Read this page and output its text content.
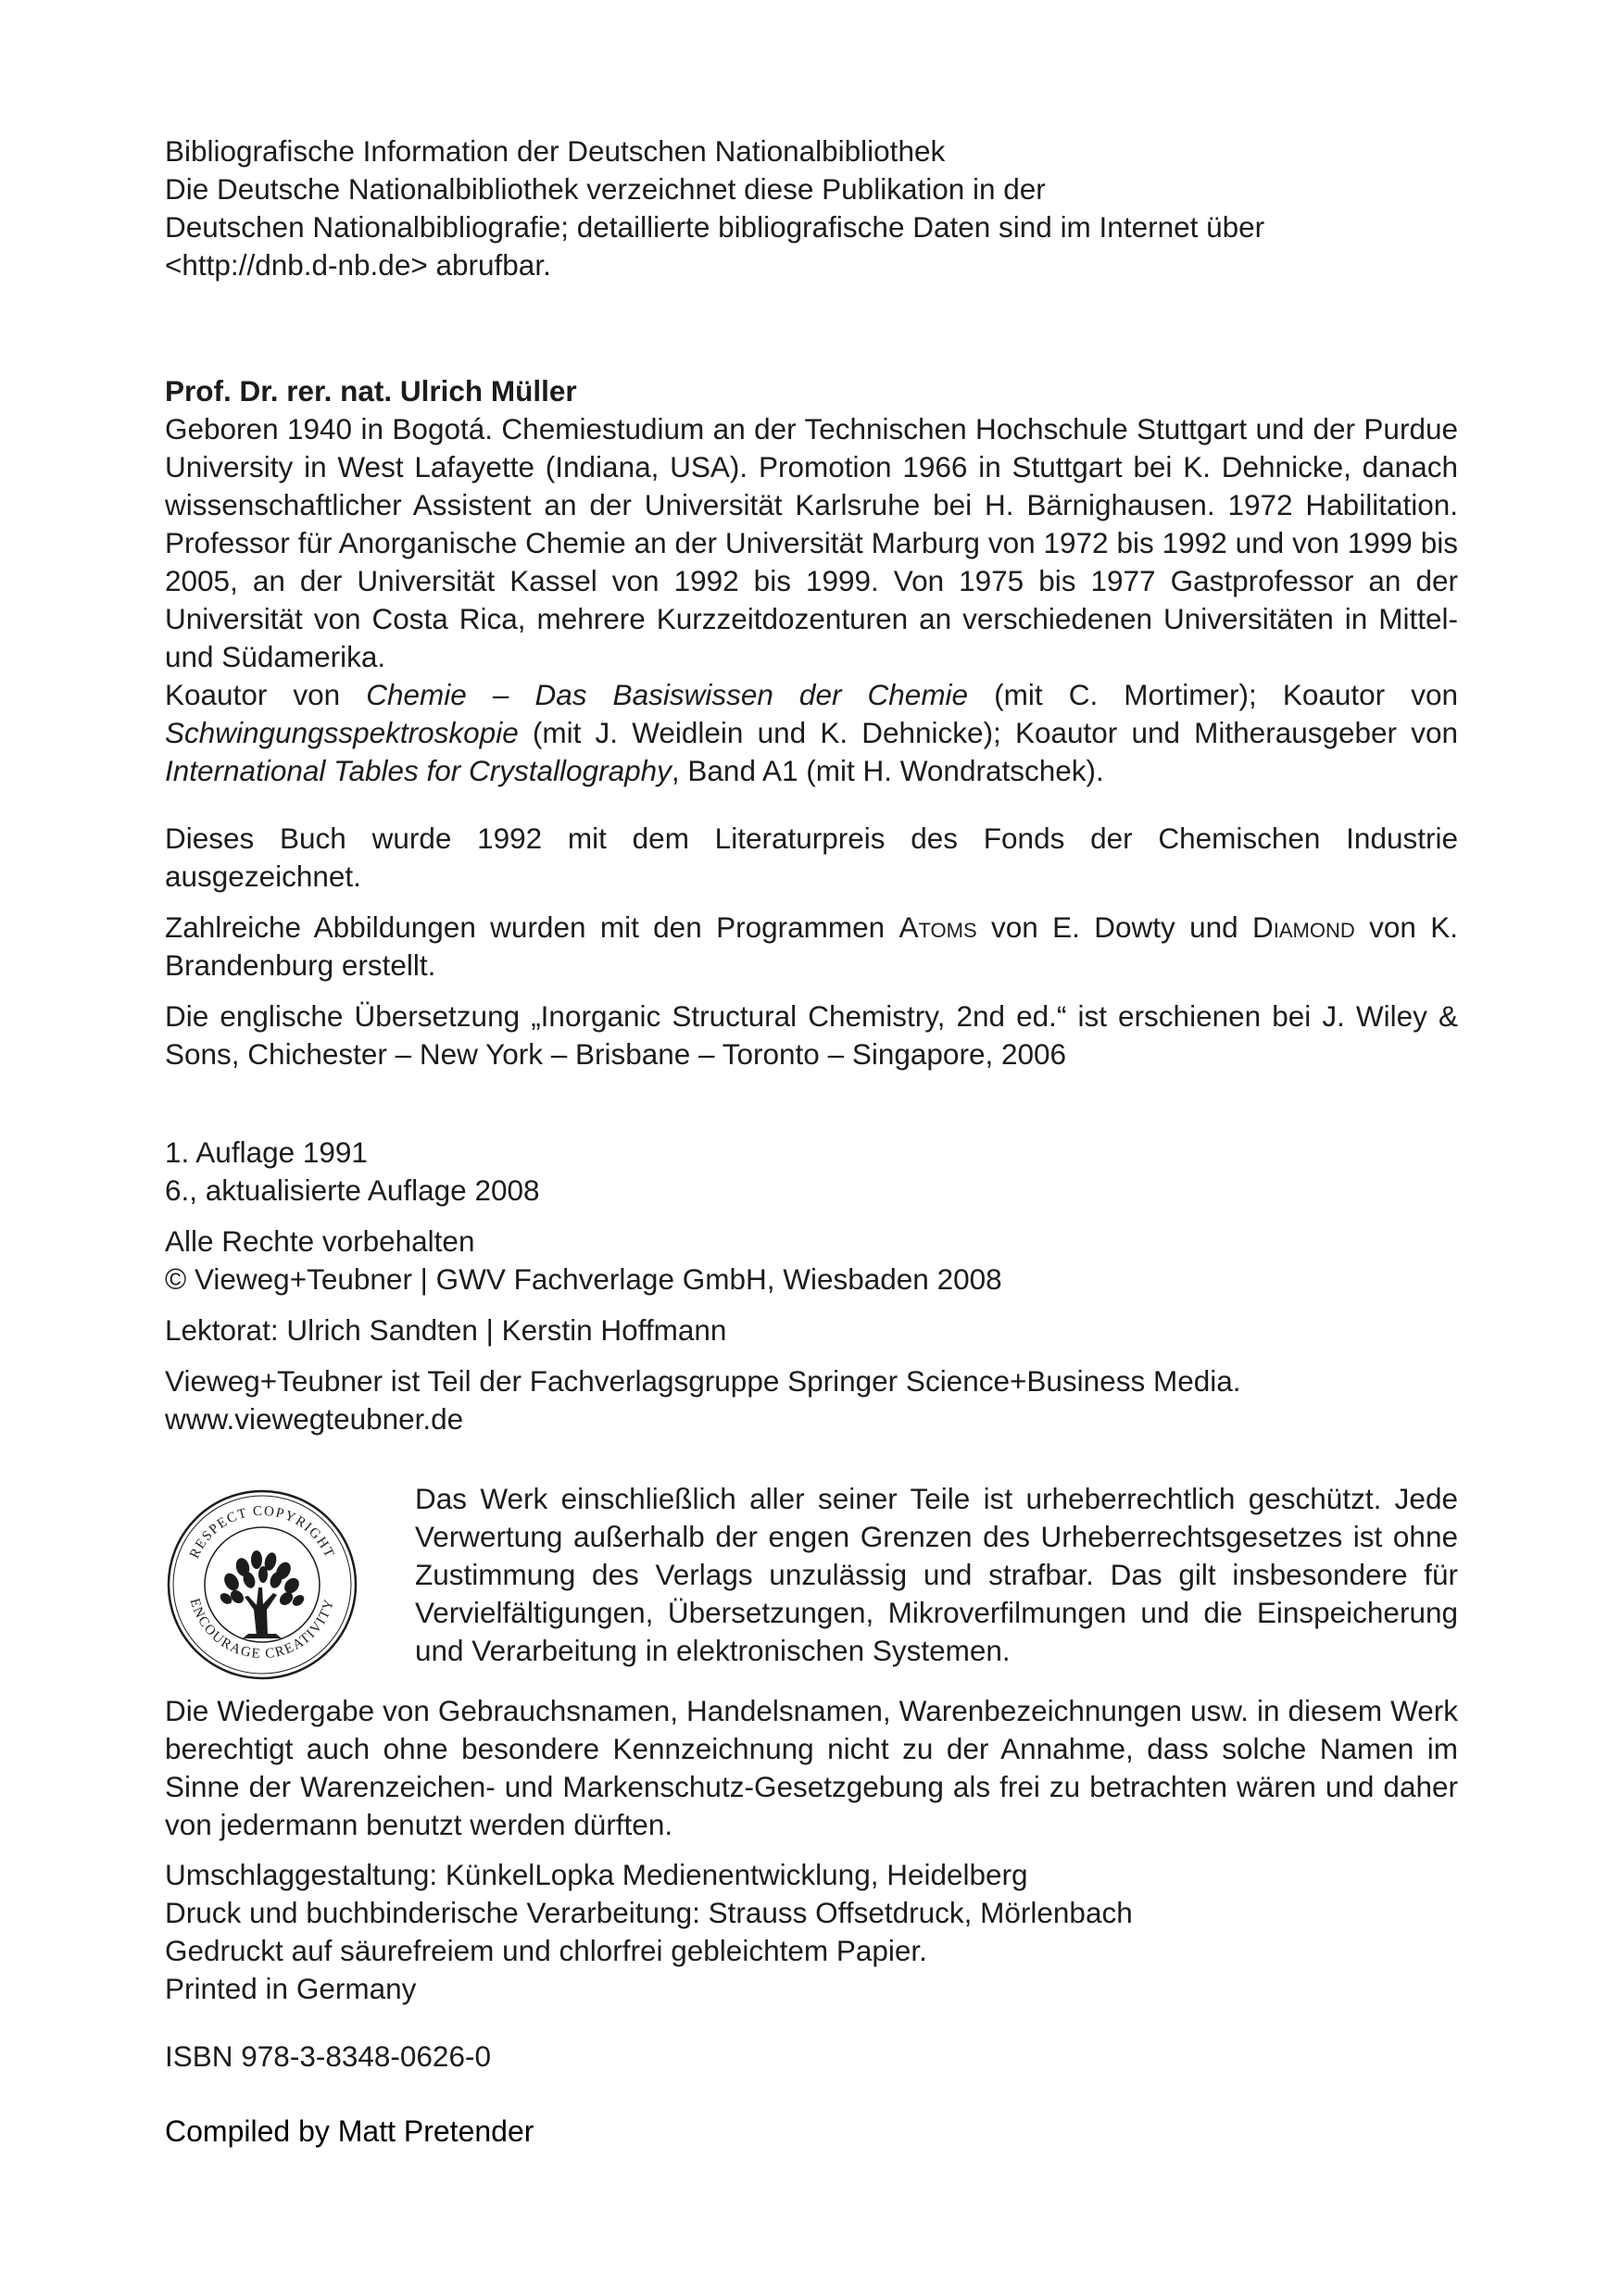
Bibliografische Information der Deutschen Nationalbibliothek

Die Deutsche Nationalbibliothek verzeichnet diese Publikation in der

Deutschen Nationalbibliografie; detaillierte bibliografische Daten sind im Internet über

<http://dnb.d-nb.de> abrufbar.

Prof. Dr. rer. nat. Ulrich Müller

Geboren 1940 in Bogotá. Chemiestudium an der Technischen Hochschule Stuttgart und der Purdue University in West Lafayette (Indiana, USA). Promotion 1966 in Stuttgart bei K. Dehnicke, danach wissenschaftlicher Assistent an der Universität Karlsruhe bei H. Bärnighausen. 1972 Habilitation. Professor für Anorganische Chemie an der Universität Marburg von 1972 bis 1992 und von 1999 bis 2005, an der Universität Kassel von 1992 bis 1999. Von 1975 bis 1977 Gastprofessor an der Universität von Costa Rica, mehrere Kurzzeitdozenturen an verschiedenen Universitäten in Mittel- und Südamerika.

Koautor von Chemie – Das Basiswissen der Chemie (mit C. Mortimer); Koautor von Schwingungsspektroskopie (mit J. Weidlein und K. Dehnicke); Koautor und Mitherausgeber von International Tables for Crystallography, Band A1 (mit H. Wondratschek).

Dieses Buch wurde 1992 mit dem Literaturpreis des Fonds der Chemischen Industrie ausgezeichnet.

Zahlreiche Abbildungen wurden mit den Programmen Atoms von E. Dowty und Diamond von K. Brandenburg erstellt.

Die englische Übersetzung „Inorganic Structural Chemistry, 2nd ed.“ ist erschienen bei J. Wiley & Sons, Chichester – New York – Brisbane – Toronto – Singapore, 2006

1. Auflage 1991

6., aktualisierte Auflage 2008

Alle Rechte vorbehalten

© Vieweg+Teubner | GWV Fachverlage GmbH, Wiesbaden 2008

Lektorat: Ulrich Sandten | Kerstin Hoffmann

Vieweg+Teubner ist Teil der Fachverlagsgruppe Springer Science+Business Media.

www.viewegteubner.de

RESPECT COPYRIGHT
ENCOURAGE CREATIVITY

Das Werk einschließlich aller seiner Teile ist urheberrechtlich geschützt. Jede Verwertung außerhalb der engen Grenzen des Urheberrechtsgesetzes ist ohne Zustimmung des Verlags unzulässig und strafbar. Das gilt insbesondere für Vervielfältigungen, Übersetzungen, Mikroverfilmungen und die Einspeicherung und Verarbeitung in elektronischen Systemen.

Die Wiedergabe von Gebrauchsnamen, Handelsnamen, Warenbezeichnungen usw. in diesem Werk berechtigt auch ohne besondere Kennzeichnung nicht zu der Annahme, dass solche Namen im Sinne der Warenzeichen- und Markenschutz-Gesetzgebung als frei zu betrachten wären und daher von jedermann benutzt werden dürften.

Umschlaggestaltung: KünkelLopka Medienentwicklung, Heidelberg

Druck und buchbinderische Verarbeitung: Strauss Offsetdruck, Mörlenbach

Gedruckt auf säurefreiem und chlorfrei gebleichtem Papier.

Printed in Germany

ISBN 978-3-8348-0626-0

Compiled by Matt Pretender
